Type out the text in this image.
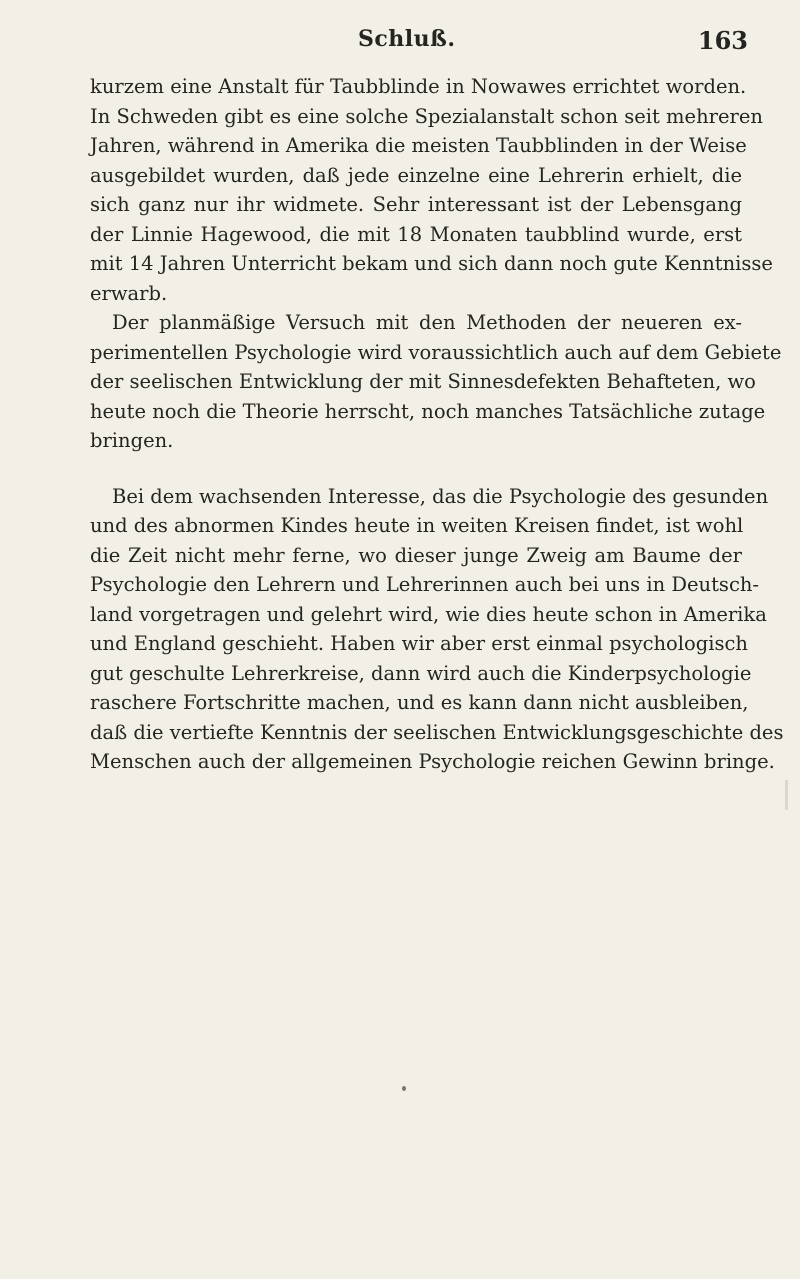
Schluß.	163
kurzem eine Anstalt für Taubblinde in Nowawes errichtet worden.
In Schweden gibt es eine solche Spezialanstalt schon seit mehreren
Jahren, während in Amerika die meisten Taubblinden in der Weise
ausgebildet wurden, daß jede einzelne eine Lehrerin erhielt, die
sich ganz nur ihr widmete. Sehr interessant ist der Lebensgang
der Linnie Hagewood, die mit 18 Monaten taubblind wurde, erst
mit 14 Jahren Unterricht bekam und sich dann noch gute Kenntnisse
erwarb.
Der planmäßige Versuch mit den Methoden der neueren ex-
perimentellen Psychologie wird voraussichtlich auch auf dem Gebiete
der seelischen Entwicklung der mit Sinnesdefekten Behafteten, wo
heute noch die Theorie herrscht, noch manches Tatsächliche zutage
bringen.
Bei dem wachsenden Interesse, das die Psychologie des gesunden
und des abnormen Kindes heute in weiten Kreisen findet, ist wohl
die Zeit nicht mehr ferne, wo dieser junge Zweig am Baume der
Psychologie den Lehrern und Lehrerinnen auch bei uns in Deutsch-
land vorgetragen und gelehrt wird, wie dies heute schon in Amerika
und England geschieht. Haben wir aber erst einmal psychologisch
gut geschulte Lehrerkreise, dann wird auch die Kinderpsychologie
raschere Fortschritte machen, und es kann dann nicht ausbleiben,
daß die vertiefte Kenntnis der seelischen Entwicklungsgeschichte des
Menschen auch der allgemeinen Psychologie reichen Gewinn bringe.
